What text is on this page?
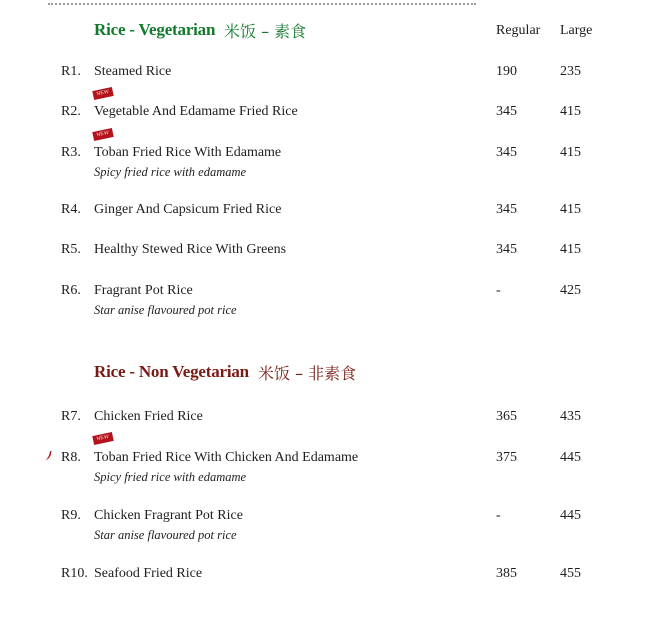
Rice - Vegetarian 米饭 – 素食	Regular Large
R1. Steamed Rice	190	235
NEW
R2. Vegetable And Edamame Fried Rice	345	415
NEW
R3. Toban Fried Rice With Edamame
Spicy fried rice with edamame
345	415
R4. Ginger And Capsicum Fried Rice	345	415
R5. Healthy Stewed Rice With Greens	345	415
R6. Fragrant Pot Rice
Star anise flavoured pot rice
-	425
Rice - Non Vegetarian 米饭 – 非素食
R7. Chicken Fried Rice	365	435
NEW
R8. Toban Fried Rice With Chicken And Edamame
Spicy fried rice with edamame
375	445
R9. Chicken Fragrant Pot Rice
Star anise flavoured pot rice
-	445
R10. Seafood Fried Rice	385	455
